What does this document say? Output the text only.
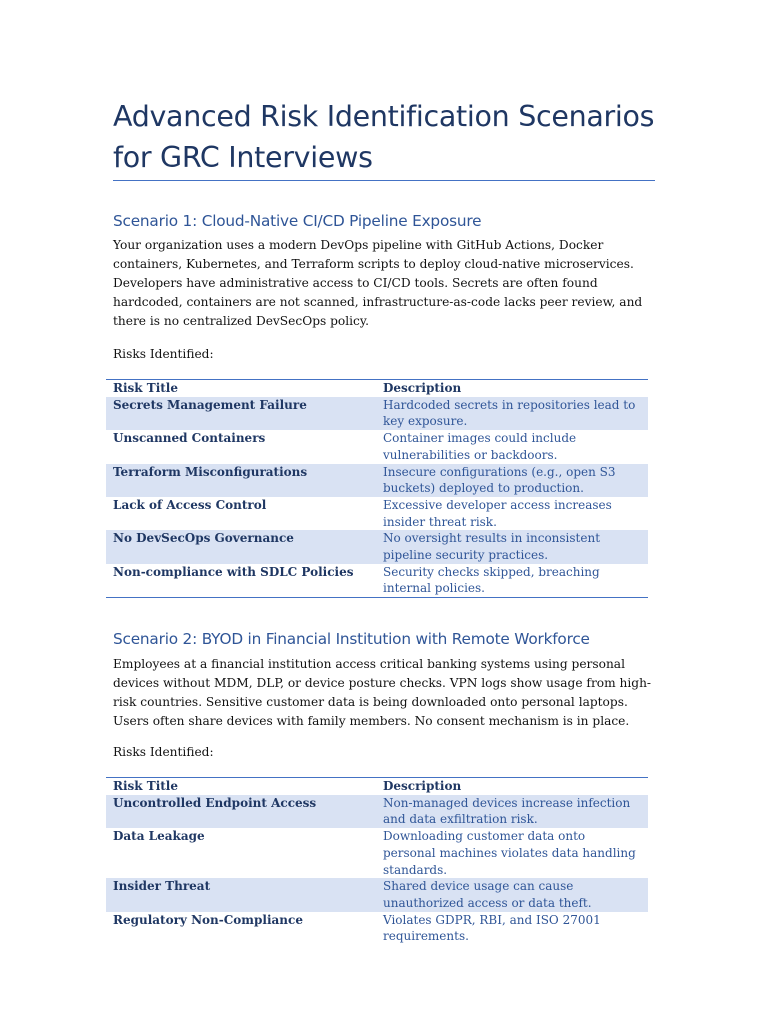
Advanced Risk Identification Scenarios for GRC Interviews
Scenario 1: Cloud-Native CI/CD Pipeline Exposure
Your organization uses a modern DevOps pipeline with GitHub Actions, Docker containers, Kubernetes, and Terraform scripts to deploy cloud-native microservices. Developers have administrative access to CI/CD tools. Secrets are often found hardcoded, containers are not scanned, infrastructure-as-code lacks peer review, and there is no centralized DevSecOps policy.
Risks Identified:
Risk Title	Description
Secrets Management Failure	Hardcoded secrets in repositories lead to key exposure.
Unscanned Containers	Container images could include vulnerabilities or backdoors.
Terraform Misconfigurations	Insecure configurations (e.g., open S3 buckets) deployed to production.
Lack of Access Control	Excessive developer access increases insider threat risk.
No DevSecOps Governance	No oversight results in inconsistent pipeline security practices.
Non-compliance with SDLC Policies	Security checks skipped, breaching internal policies.
Scenario 2: BYOD in Financial Institution with Remote Workforce
Employees at a financial institution access critical banking systems using personal devices without MDM, DLP, or device posture checks. VPN logs show usage from high-risk countries. Sensitive customer data is being downloaded onto personal laptops. Users often share devices with family members. No consent mechanism is in place.
Risks Identified:
Risk Title	Description
Uncontrolled Endpoint Access	Non-managed devices increase infection and data exfiltration risk.
Data Leakage	Downloading customer data onto personal machines violates data handling standards.
Insider Threat	Shared device usage can cause unauthorized access or data theft.
Regulatory Non-Compliance	Violates GDPR, RBI, and ISO 27001 requirements.
